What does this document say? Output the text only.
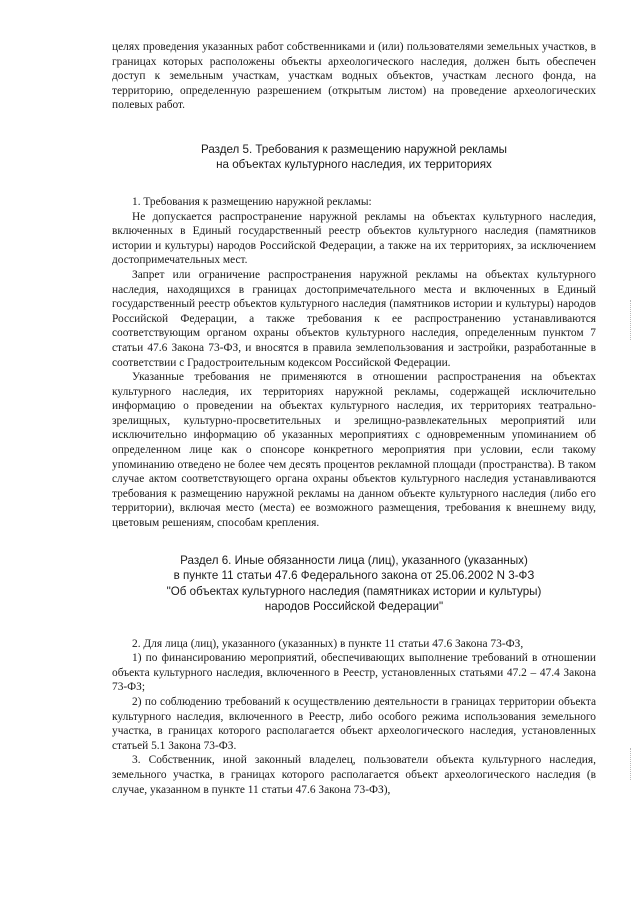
целях проведения указанных работ собственниками и (или) пользователями земельных участков, в границах которых расположены объекты археологического наследия, должен быть обеспечен доступ к земельным участкам, участкам водных объектов, участкам лесного фонда, на территорию, определенную разрешением (открытым листом) на проведение археологических полевых работ.

Раздел 5. Требования к размещению наружной рекламы
на объектах культурного наследия, их территориях

1. Требования к размещению наружной рекламы:

Не допускается распространение наружной рекламы на объектах культурного наследия, включенных в Единый государственный реестр объектов культурного наследия (памятников истории и культуры) народов Российской Федерации, а также на их территориях, за исключением достопримечательных мест.

Запрет или ограничение распространения наружной рекламы на объектах культурного наследия, находящихся в границах достопримечательного места и включенных в Единый государственный реестр объектов культурного наследия (памятников истории и культуры) народов Российской Федерации, а также требования к ее распространению устанавливаются соответствующим органом охраны объектов культурного наследия, определенным пунктом 7 статьи 47.6 Закона 73-ФЗ, и вносятся в правила землепользования и застройки, разработанные в соответствии с Градостроительным кодексом Российской Федерации.

Указанные требования не применяются в отношении распространения на объектах культурного наследия, их территориях наружной рекламы, содержащей исключительно информацию о проведении на объектах культурного наследия, их территориях театрально-зрелищных, культурно-просветительных и зрелищно-развлекательных мероприятий или исключительно информацию об указанных мероприятиях с одновременным упоминанием об определенном лице как о спонсоре конкретного мероприятия при условии, если такому упоминанию отведено не более чем десять процентов рекламной площади (пространства). В таком случае актом соответствующего органа охраны объектов культурного наследия устанавливаются требования к размещению наружной рекламы на данном объекте культурного наследия (либо его территории), включая место (места) ее возможного размещения, требования к внешнему виду, цветовым решениям, способам крепления.

Раздел 6. Иные обязанности лица (лиц), указанного (указанных)
в пункте 11 статьи 47.6 Федерального закона от 25.06.2002 N 3-ФЗ
"Об объектах культурного наследия (памятниках истории и культуры)
народов Российской Федерации"

2. Для лица (лиц), указанного (указанных) в пункте 11 статьи 47.6 Закона 73-ФЗ,

1) по финансированию мероприятий, обеспечивающих выполнение требований в отношении объекта культурного наследия, включенного в Реестр, установленных статьями 47.2 – 47.4 Закона 73-ФЗ;

2) по соблюдению требований к осуществлению деятельности в границах территории объекта культурного наследия, включенного в Реестр, либо особого режима использования земельного участка, в границах которого располагается объект археологического наследия, установленных статьей 5.1 Закона 73-ФЗ.

3. Собственник, иной законный владелец, пользователи объекта культурного наследия, земельного участка, в границах которого располагается объект археологического наследия (в случае, указанном в пункте 11 статьи 47.6 Закона 73-ФЗ),
